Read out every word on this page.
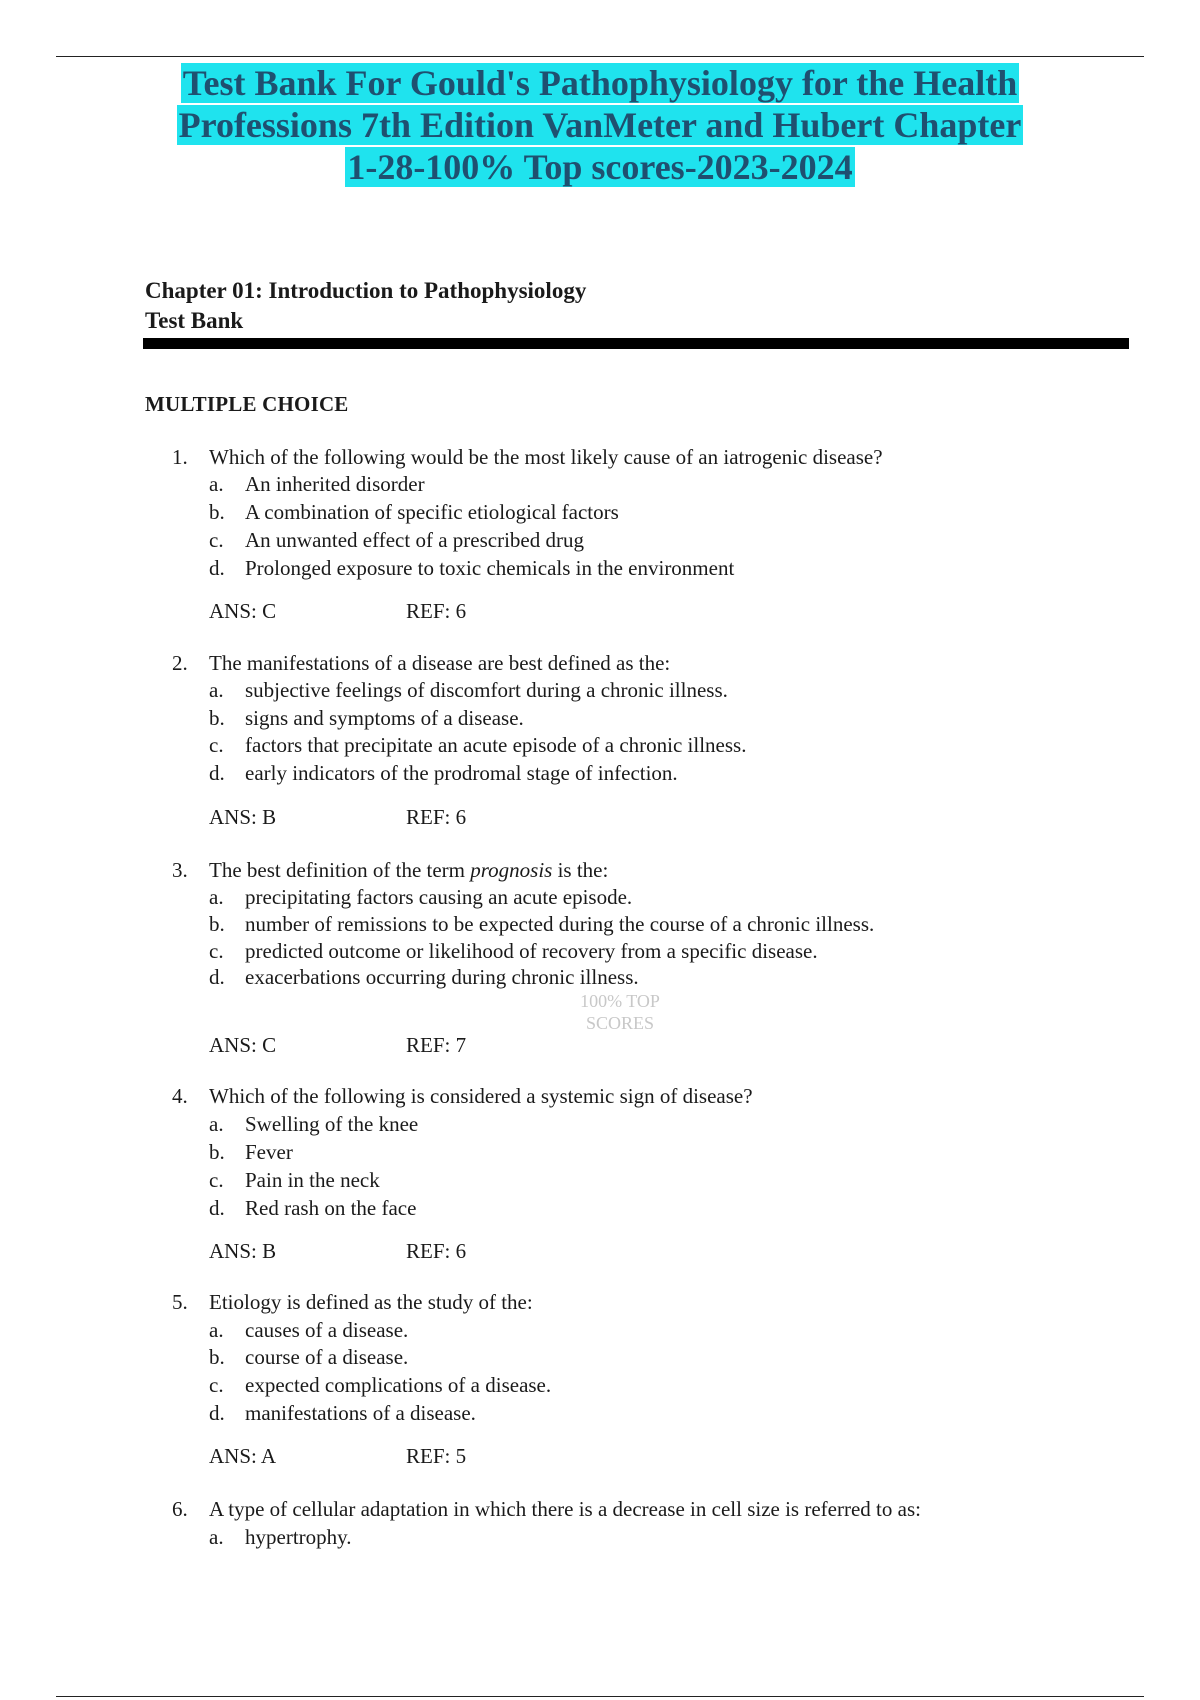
Test Bank For Gould's Pathophysiology for the Health
Professions 7th Edition VanMeter and Hubert Chapter
1-28-100% Top scores-2023-2024
Chapter 01: Introduction to Pathophysiology
Test Bank
MULTIPLE CHOICE
1. Which of the following would be the most likely cause of an iatrogenic disease?
a. An inherited disorder
b. A combination of specific etiological factors
c. An unwanted effect of a prescribed drug
d. Prolonged exposure to toxic chemicals in the environment
ANS: C	REF: 6
2. The manifestations of a disease are best defined as the:
a. subjective feelings of discomfort during a chronic illness.
b. signs and symptoms of a disease.
c. factors that precipitate an acute episode of a chronic illness.
d. early indicators of the prodromal stage of infection.
ANS: B	REF: 6
3. The best definition of the term prognosis is the:
a. precipitating factors causing an acute episode.
b. number of remissions to be expected during the course of a chronic illness.
c. predicted outcome or likelihood of recovery from a specific disease.
d. exacerbations occurring during chronic illness.
ANS: C	REF: 7
100% TOP
SCORES
4. Which of the following is considered a systemic sign of disease?
a. Swelling of the knee
b. Fever
c. Pain in the neck
d. Red rash on the face
ANS: B	REF: 6
5. Etiology is defined as the study of the:
a. causes of a disease.
b. course of a disease.
c. expected complications of a disease.
d. manifestations of a disease.
ANS: A	REF: 5
6. A type of cellular adaptation in which there is a decrease in cell size is referred to as:
a. hypertrophy.
